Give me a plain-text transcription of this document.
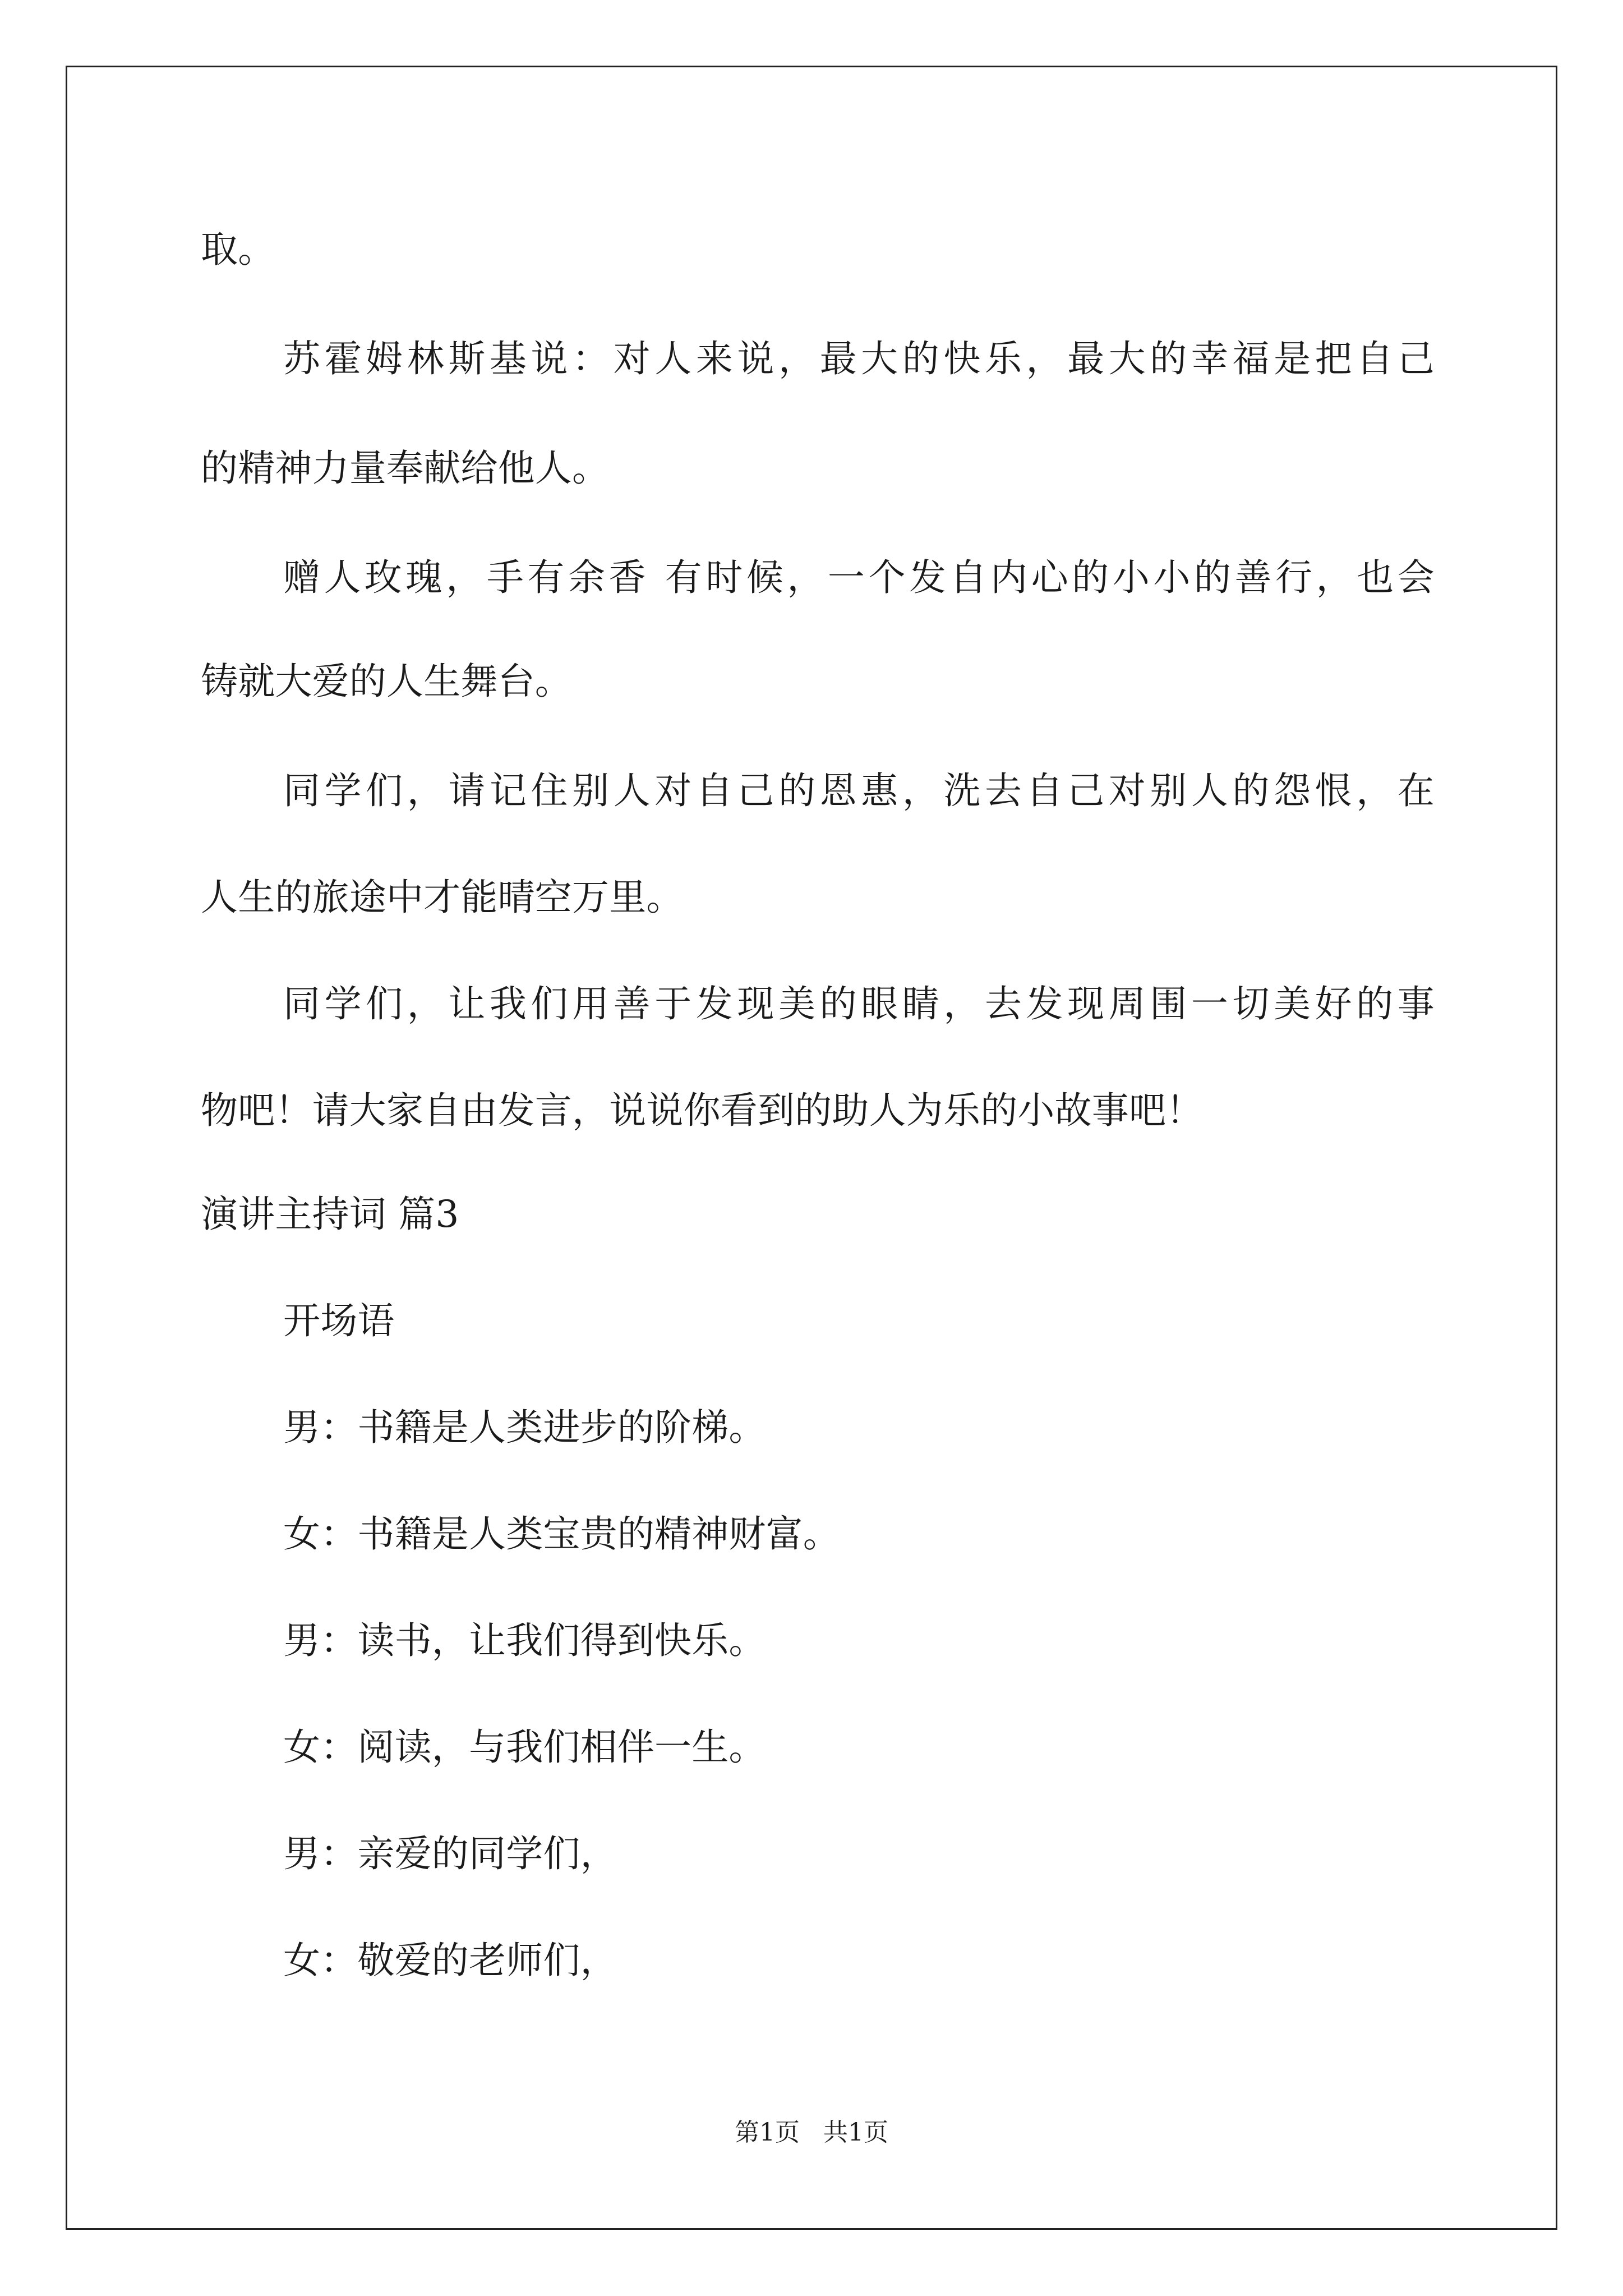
取。
苏霍姆林斯基说：对人来说，最大的快乐，最大的幸福是把自己
的精神力量奉献给他人。
赠人玫瑰，手有余香 有时候，一个发自内心的小小的善行，也会
铸就大爱的人生舞台。
同学们，请记住别人对自己的恩惠，洗去自己对别人的怨恨，在
人生的旅途中才能晴空万里。
同学们，让我们用善于发现美的眼睛，去发现周围一切美好的事
物吧！请大家自由发言，说说你看到的助人为乐的小故事吧！
演讲主持词 篇3
开场语
男：书籍是人类进步的阶梯。
女：书籍是人类宝贵的精神财富。
男：读书，让我们得到快乐。
女：阅读，与我们相伴一生。
男：亲爱的同学们，
女：敬爱的老师们，
第1页   共1页
